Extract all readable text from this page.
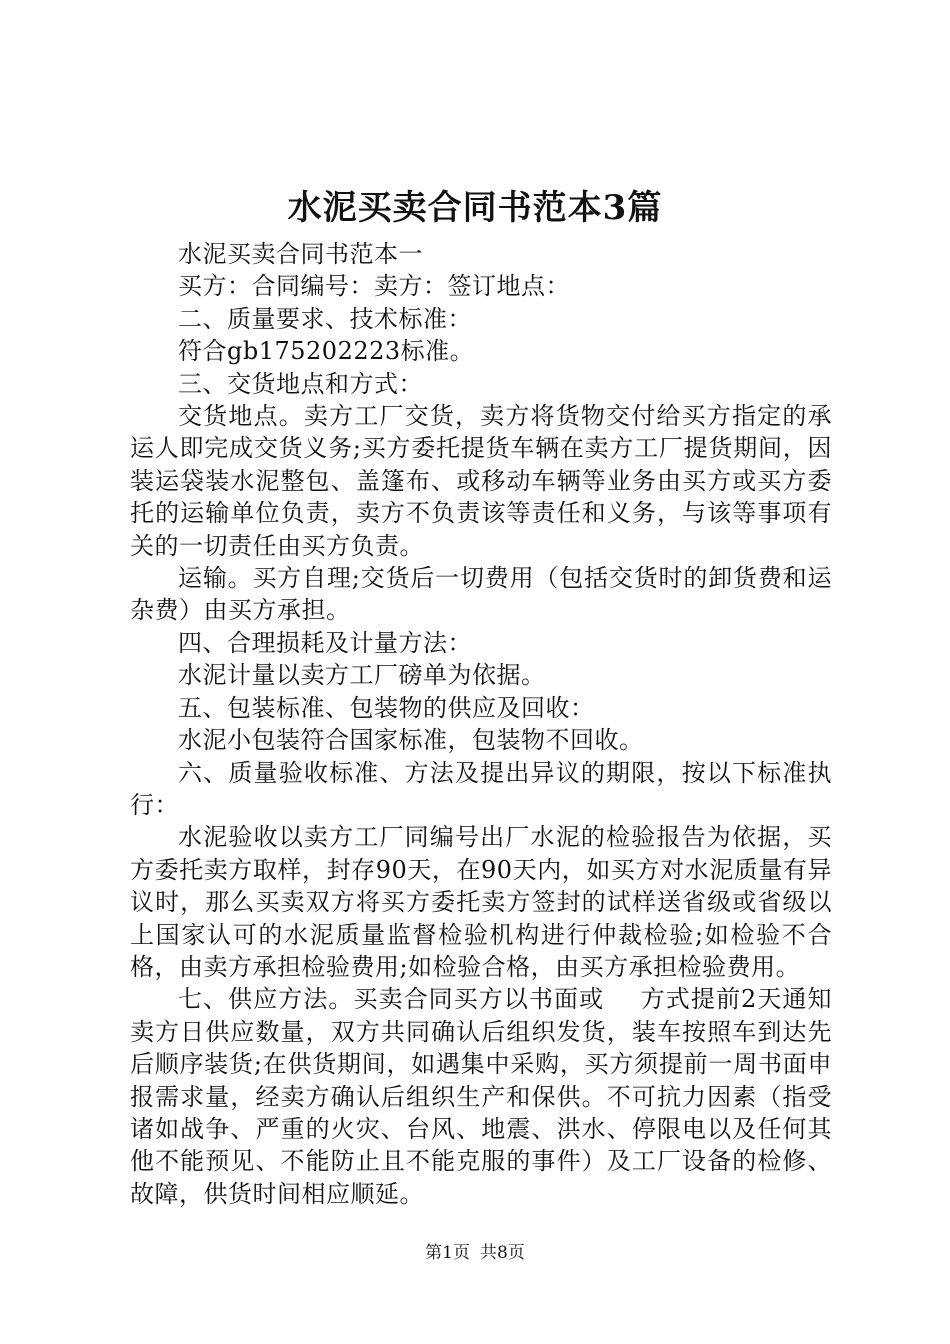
水泥买卖合同书范本3篇

水泥买卖合同书范本一

买方：合同编号：卖方：签订地点：

二、质量要求、技术标准：

符合gb175202223标准。

三、交货地点和方式：

交货地点。卖方工厂交货，卖方将货物交付给买方指定的承运人即完成交货义务;买方委托提货车辆在卖方工厂提货期间，因装运袋装水泥整包、盖篷布、或移动车辆等业务由买方或买方委托的运输单位负责，卖方不负责该等责任和义务，与该等事项有关的一切责任由买方负责。

运输。买方自理;交货后一切费用（包括交货时的卸货费和运杂费）由买方承担。

四、合理损耗及计量方法：

水泥计量以卖方工厂磅单为依据。

五、包装标准、包装物的供应及回收：

水泥小包装符合国家标准，包装物不回收。

六、质量验收标准、方法及提出异议的期限，按以下标准执行：

水泥验收以卖方工厂同编号出厂水泥的检验报告为依据，买方委托卖方取样，封存90天，在90天内，如买方对水泥质量有异议时，那么买卖双方将买方委托卖方签封的试样送省级或省级以上国家认可的水泥质量监督检验机构进行仲裁检验;如检验不合格，由卖方承担检验费用;如检验合格，由买方承担检验费用。

七、供应方法。买卖合同买方以书面或 方式提前2天通知卖方日供应数量，双方共同确认后组织发货，装车按照车到达先后顺序装货;在供货期间，如遇集中采购，买方须提前一周书面申报需求量，经卖方确认后组织生产和保供。不可抗力因素（指受诸如战争、严重的火灾、台风、地震、洪水、停限电以及任何其他不能预见、不能防止且不能克服的事件）及工厂设备的检修、故障，供货时间相应顺延。

第1页 共8页
